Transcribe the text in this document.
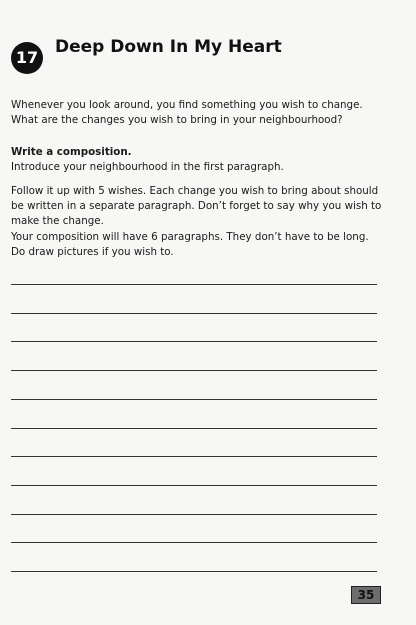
17
Deep Down In My Heart

Whenever you look around, you find something you wish to change.
What are the changes you wish to bring in your neighbourhood?

Write a composition.
Introduce your neighbourhood in the first paragraph.

Follow it up with 5 wishes. Each change you wish to bring about should
be written in a separate paragraph. Don’t forget to say why you wish to
make the change.
Your composition will have 6 paragraphs. They don’t have to be long.
Do draw pictures if you wish to.

35
